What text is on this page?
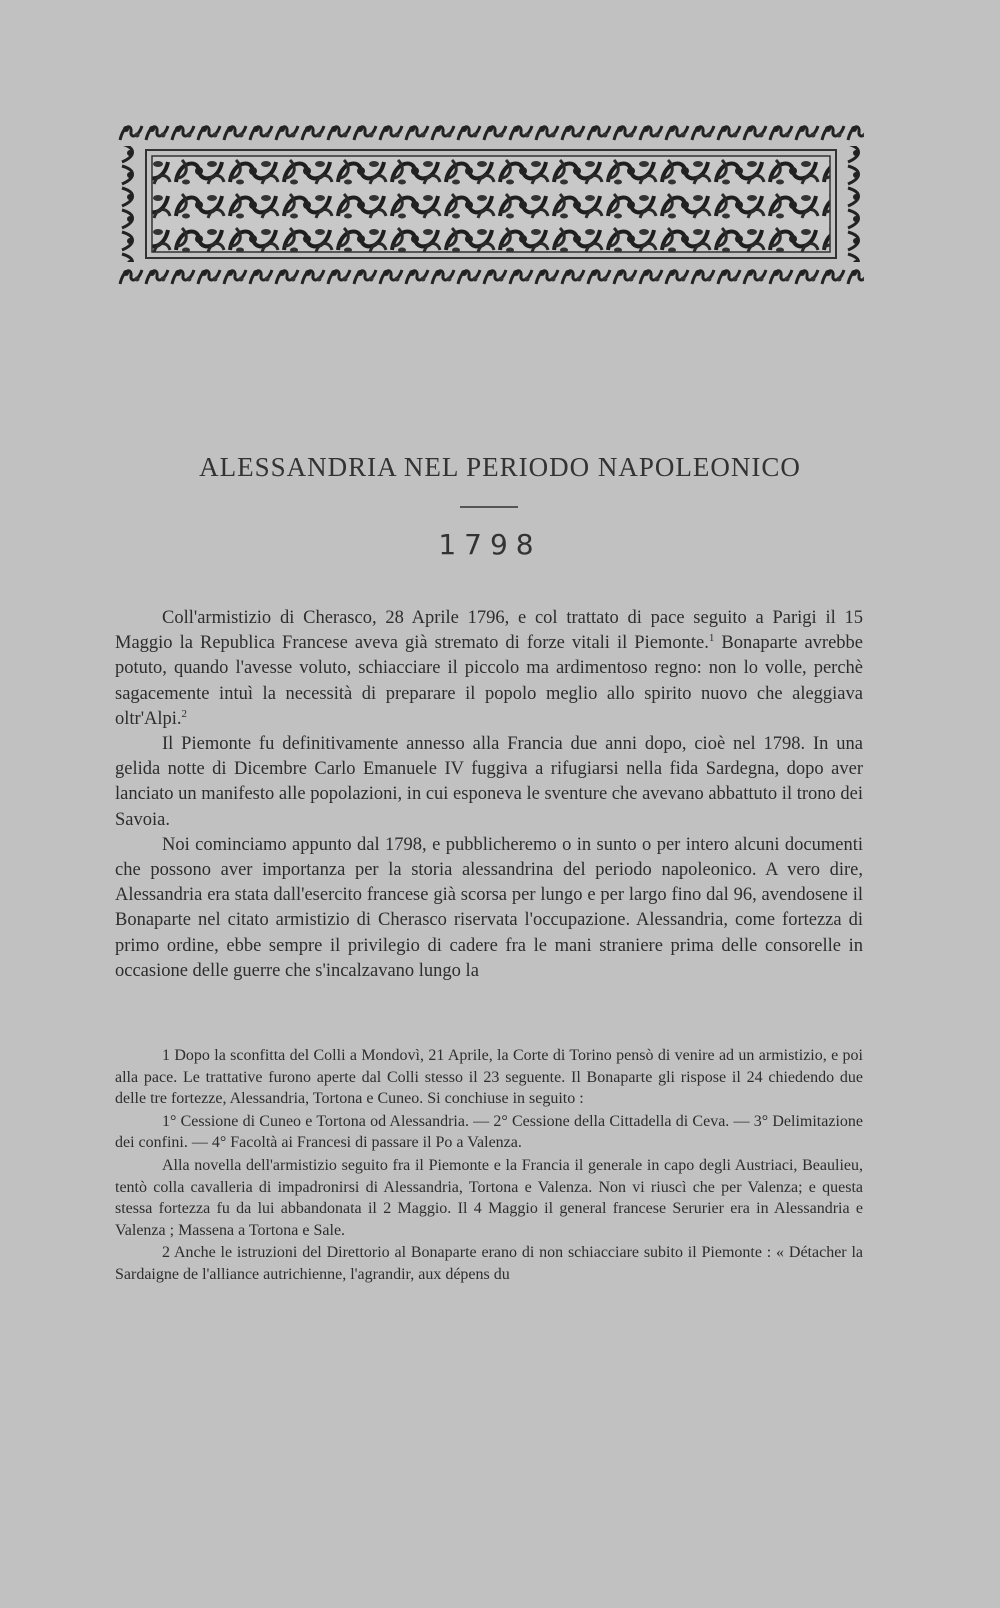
ALESSANDRIA NEL PERIODO NAPOLEONICO
1798

Coll'armistizio di Cherasco, 28 Aprile 1796, e col trattato di pace seguito a Parigi il 15 Maggio la Republica Francese aveva già stremato di forze vitali il Piemonte.$^1$ Bonaparte avrebbe potuto, quando l'avesse voluto, schiacciare il piccolo ma ardimentoso regno: non lo volle, perchè sagacemente intuì la necessità di preparare il popolo meglio allo spirito nuovo che aleggiava oltr'Alpi.$^2$

Il Piemonte fu definitivamente annesso alla Francia due anni dopo, cioè nel 1798. In una gelida notte di Dicembre Carlo Emanuele IV fuggiva a rifugiarsi nella fida Sardegna, dopo aver lanciato un manifesto alle popolazioni, in cui esponeva le sventure che avevano abbattuto il trono dei Savoia.

Noi cominciamo appunto dal 1798, e pubblicheremo o in sunto o per intero alcuni documenti che possono aver importanza per la storia alessandrina del periodo napoleonico. A vero dire, Alessandria era stata dall'esercito francese già scorsa per lungo e per largo fino dal 96, avendosene il Bonaparte nel citato armistizio di Cherasco riservata l'occupazione. Alessandria, come fortezza di primo ordine, ebbe sempre il privilegio di cadere fra le mani straniere prima delle consorelle in occasione delle guerre che s'incalzavano lungo la

1 Dopo la sconfitta del Colli a Mondovì, 21 Aprile, la Corte di Torino pensò di venire ad un armistizio, e poi alla pace. Le trattative furono aperte dal Colli stesso il 23 seguente. Il Bonaparte gli rispose il 24 chiedendo due delle tre fortezze, Alessandria, Tortona e Cuneo. Si conchiuse in seguito :

1° Cessione di Cuneo e Tortona od Alessandria. — 2° Cessione della Cittadella di Ceva. — 3° Delimitazione dei confini. — 4° Facoltà ai Francesi di passare il Po a Valenza.

Alla novella dell'armistizio seguito fra il Piemonte e la Francia il generale in capo degli Austriaci, Beaulieu, tentò colla cavalleria di impadronirsi di Alessandria, Tortona e Valenza. Non vi riuscì che per Valenza; e questa stessa fortezza fu da lui abbandonata il 2 Maggio. Il 4 Maggio il general francese Serurier era in Alessandria e Valenza ; Massena a Tortona e Sale.

2 Anche le istruzioni del Direttorio al Bonaparte erano di non schiacciare subito il Piemonte : « Détacher la Sardaigne de l'alliance autrichienne, l'agrandir, aux dépens du
